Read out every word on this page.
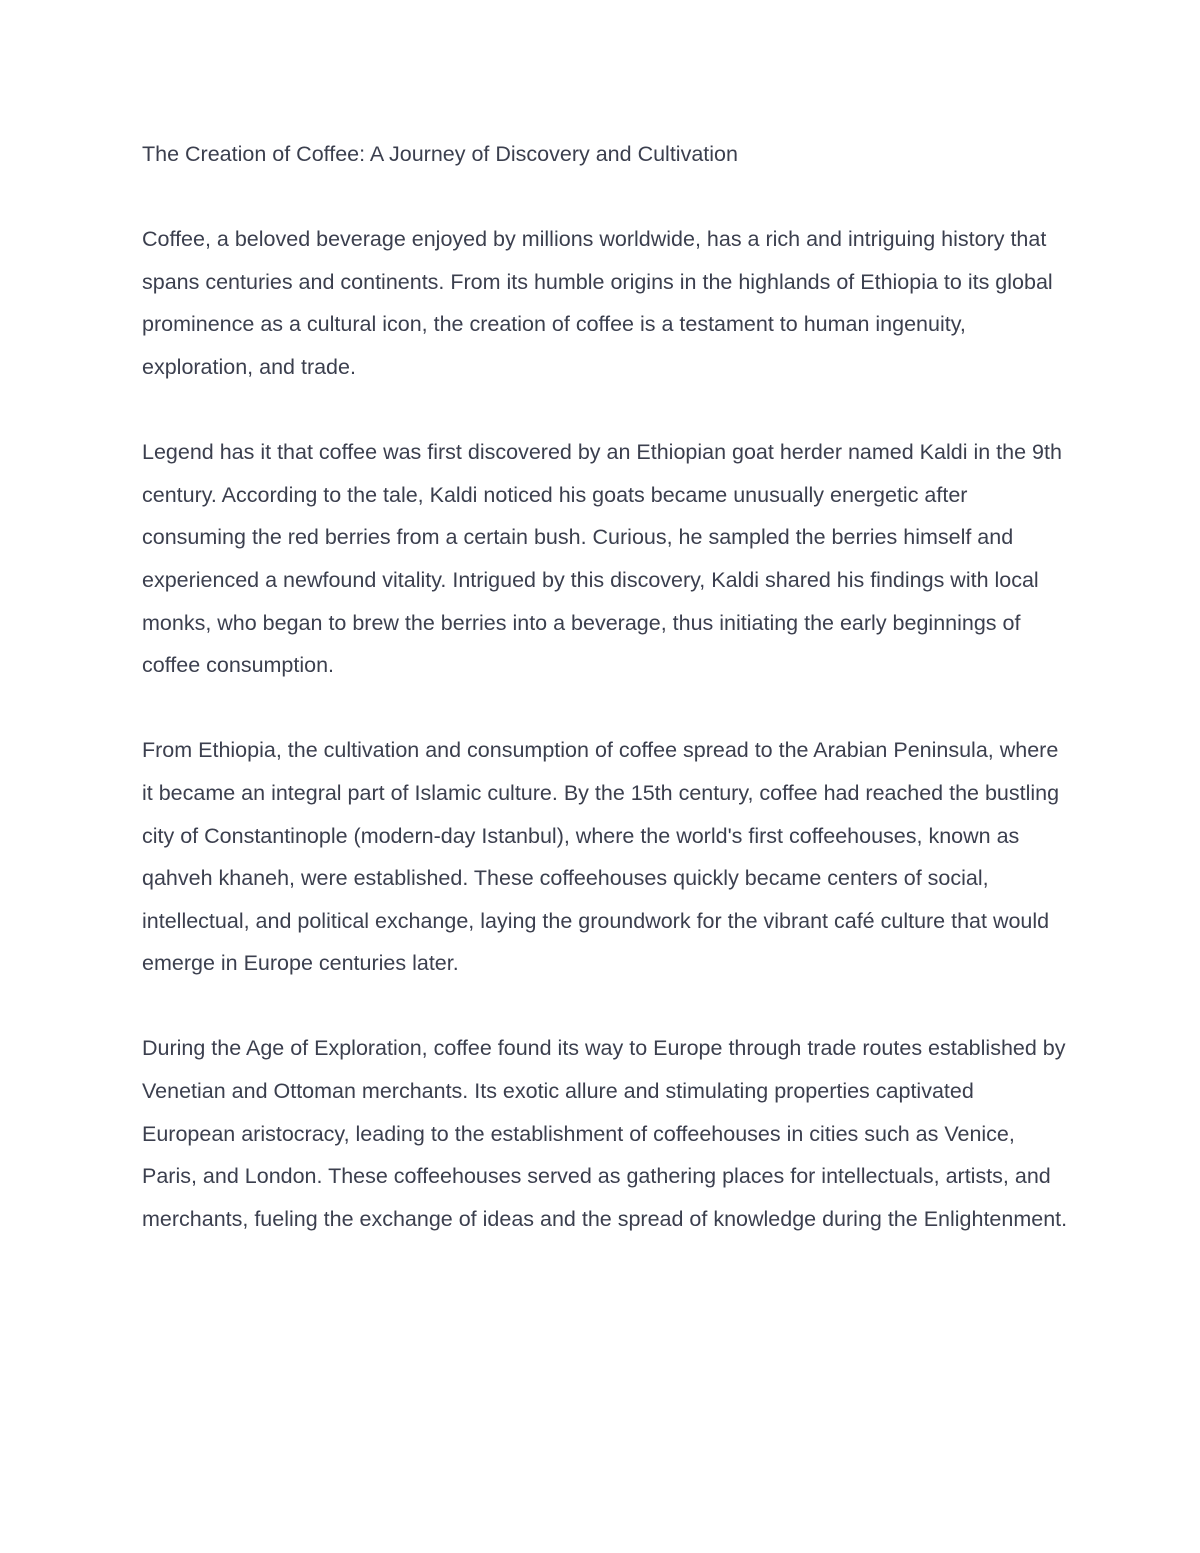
The Creation of Coffee: A Journey of Discovery and Cultivation

Coffee, a beloved beverage enjoyed by millions worldwide, has a rich and intriguing history that spans centuries and continents. From its humble origins in the highlands of Ethiopia to its global prominence as a cultural icon, the creation of coffee is a testament to human ingenuity, exploration, and trade.

Legend has it that coffee was first discovered by an Ethiopian goat herder named Kaldi in the 9th century. According to the tale, Kaldi noticed his goats became unusually energetic after consuming the red berries from a certain bush. Curious, he sampled the berries himself and experienced a newfound vitality. Intrigued by this discovery, Kaldi shared his findings with local monks, who began to brew the berries into a beverage, thus initiating the early beginnings of coffee consumption.

From Ethiopia, the cultivation and consumption of coffee spread to the Arabian Peninsula, where it became an integral part of Islamic culture. By the 15th century, coffee had reached the bustling city of Constantinople (modern-day Istanbul), where the world's first coffeehouses, known as qahveh khaneh, were established. These coffeehouses quickly became centers of social, intellectual, and political exchange, laying the groundwork for the vibrant café culture that would emerge in Europe centuries later.

During the Age of Exploration, coffee found its way to Europe through trade routes established by Venetian and Ottoman merchants. Its exotic allure and stimulating properties captivated European aristocracy, leading to the establishment of coffeehouses in cities such as Venice, Paris, and London. These coffeehouses served as gathering places for intellectuals, artists, and merchants, fueling the exchange of ideas and the spread of knowledge during the Enlightenment.
